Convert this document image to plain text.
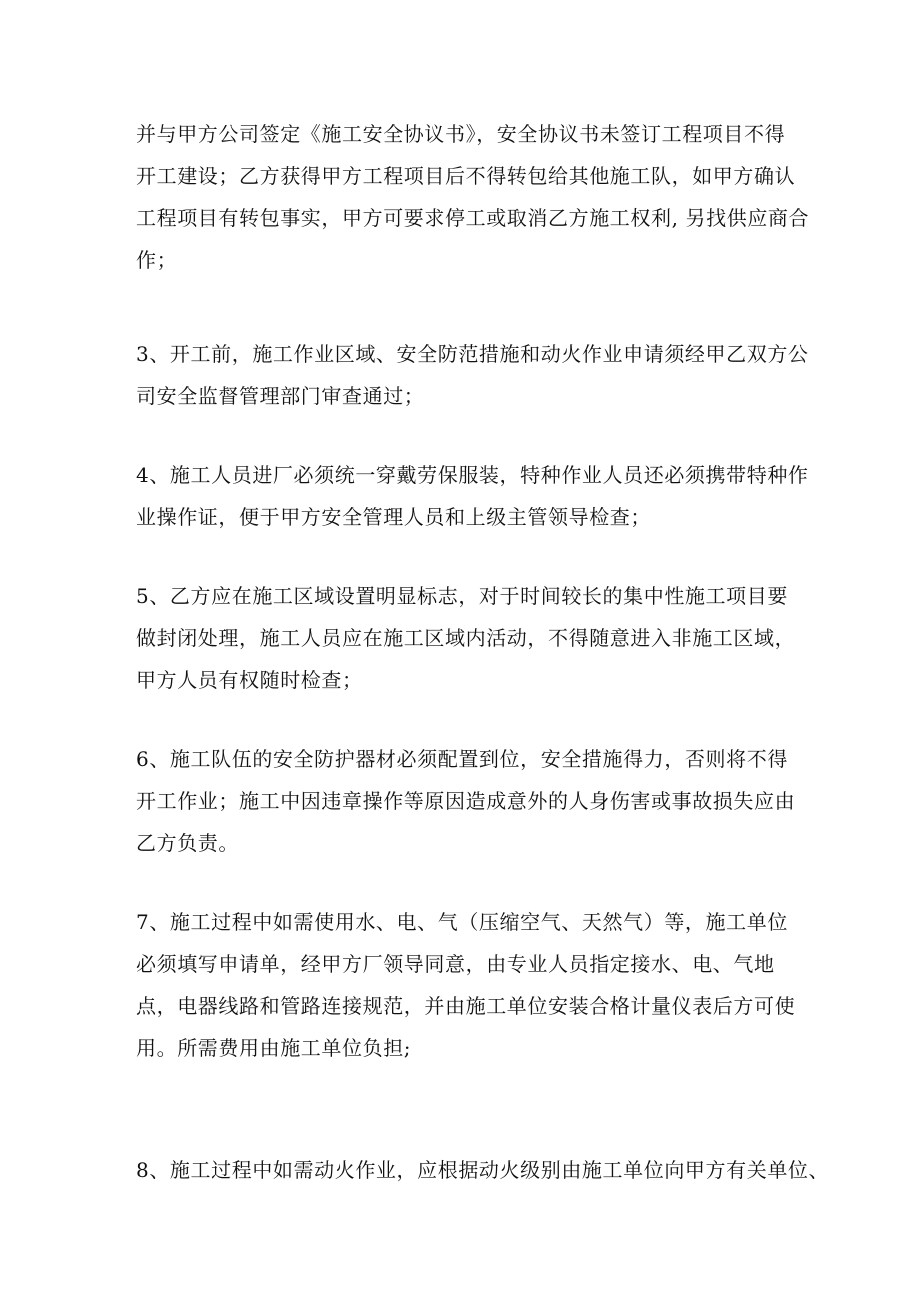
并与甲方公司签定《施工安全协议书》，安全协议书未签订工程项目不得
开工建设；乙方获得甲方工程项目后不得转包给其他施工队，如甲方确认
工程项目有转包事实，甲方可要求停工或取消乙方施工权利, 另找供应商合
作；
3、开工前，施工作业区域、安全防范措施和动火作业申请须经甲乙双方公
司安全监督管理部门审查通过；
4、施工人员进厂必须统一穿戴劳保服装，特种作业人员还必须携带特种作
业操作证，便于甲方安全管理人员和上级主管领导检查；
5、乙方应在施工区域设置明显标志，对于时间较长的集中性施工项目要
做封闭处理，施工人员应在施工区域内活动，不得随意进入非施工区域，
甲方人员有权随时检查；
6、施工队伍的安全防护器材必须配置到位，安全措施得力，否则将不得
开工作业；施工中因违章操作等原因造成意外的人身伤害或事故损失应由
乙方负责。
7、施工过程中如需使用水、电、气（压缩空气、天然气）等，施工单位
必须填写申请单，经甲方厂领导同意，由专业人员指定接水、电、气地
点，电器线路和管路连接规范，并由施工单位安装合格计量仪表后方可使
用。所需费用由施工单位负担;
8、施工过程中如需动火作业，应根据动火级别由施工单位向甲方有关单位、
